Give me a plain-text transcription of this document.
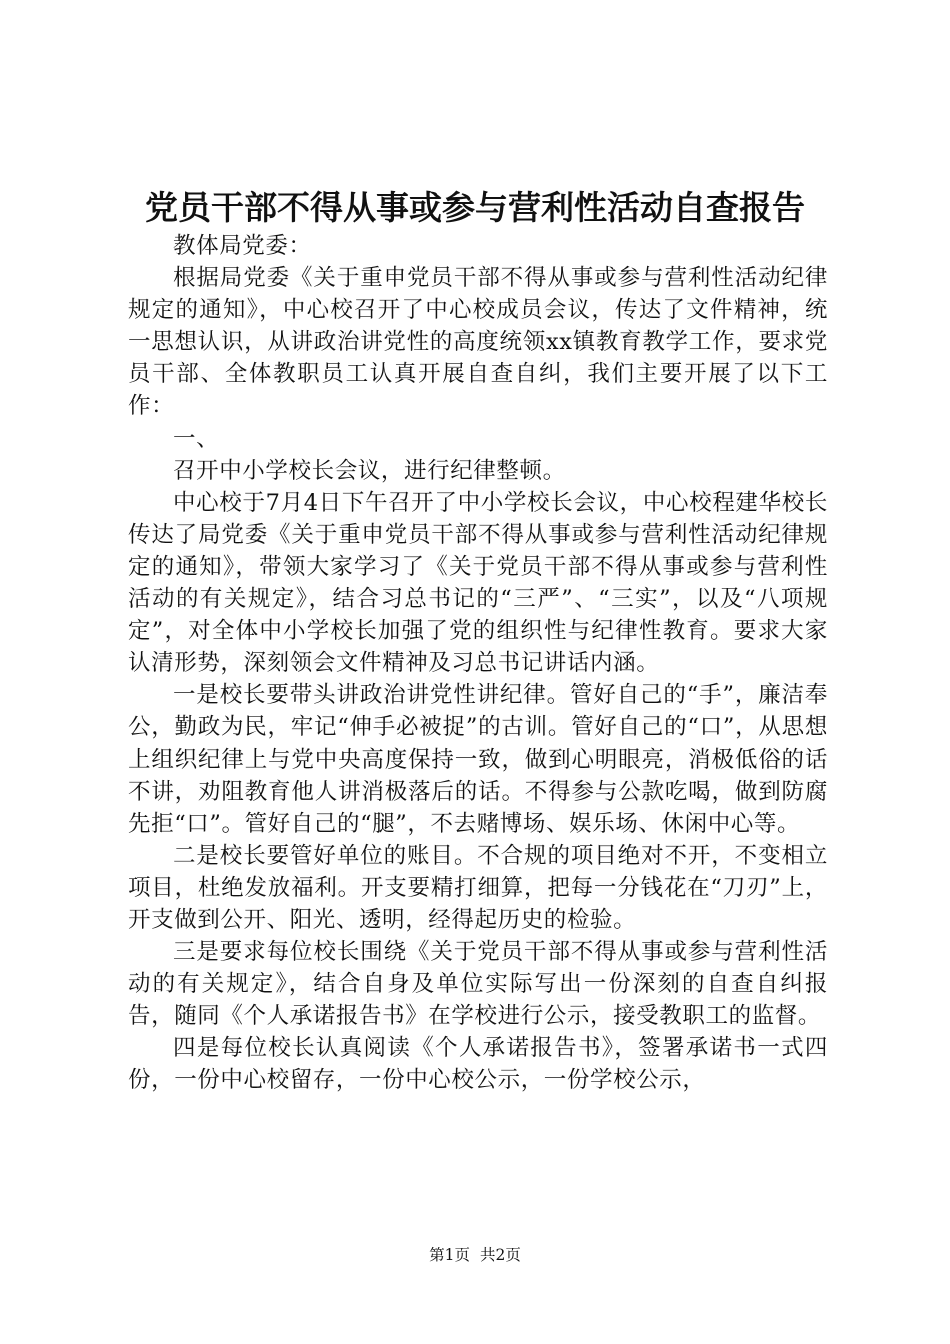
党员干部不得从事或参与营利性活动自查报告

教体局党委：

根据局党委《关于重申党员干部不得从事或参与营利性活动纪律规定的通知》，中心校召开了中心校成员会议，传达了文件精神，统一思想认识，从讲政治讲党性的高度统领xx镇教育教学工作，要求党员干部、全体教职员工认真开展自查自纠，我们主要开展了以下工作：

一、

召开中小学校长会议，进行纪律整顿。

中心校于7月4日下午召开了中小学校长会议，中心校程建华校长传达了局党委《关于重申党员干部不得从事或参与营利性活动纪律规定的通知》，带领大家学习了《关于党员干部不得从事或参与营利性活动的有关规定》，结合习总书记的“三严”、“三实”，以及“八项规定”，对全体中小学校长加强了党的组织性与纪律性教育。要求大家认清形势，深刻领会文件精神及习总书记讲话内涵。

一是校长要带头讲政治讲党性讲纪律。管好自己的“手”，廉洁奉公，勤政为民，牢记“伸手必被捉”的古训。管好自己的“口”，从思想上组织纪律上与党中央高度保持一致，做到心明眼亮，消极低俗的话不讲，劝阻教育他人讲消极落后的话。不得参与公款吃喝，做到防腐先拒“口”。管好自己的“腿”，不去赌博场、娱乐场、休闲中心等。

二是校长要管好单位的账目。不合规的项目绝对不开，不变相立项目，杜绝发放福利。开支要精打细算，把每一分钱花在“刀刃”上，开支做到公开、阳光、透明，经得起历史的检验。

三是要求每位校长围绕《关于党员干部不得从事或参与营利性活动的有关规定》，结合自身及单位实际写出一份深刻的自查自纠报告，随同《个人承诺报告书》在学校进行公示，接受教职工的监督。

四是每位校长认真阅读《个人承诺报告书》，签署承诺书一式四份，一份中心校留存，一份中心校公示，一份学校公示，

第1页 共2页
